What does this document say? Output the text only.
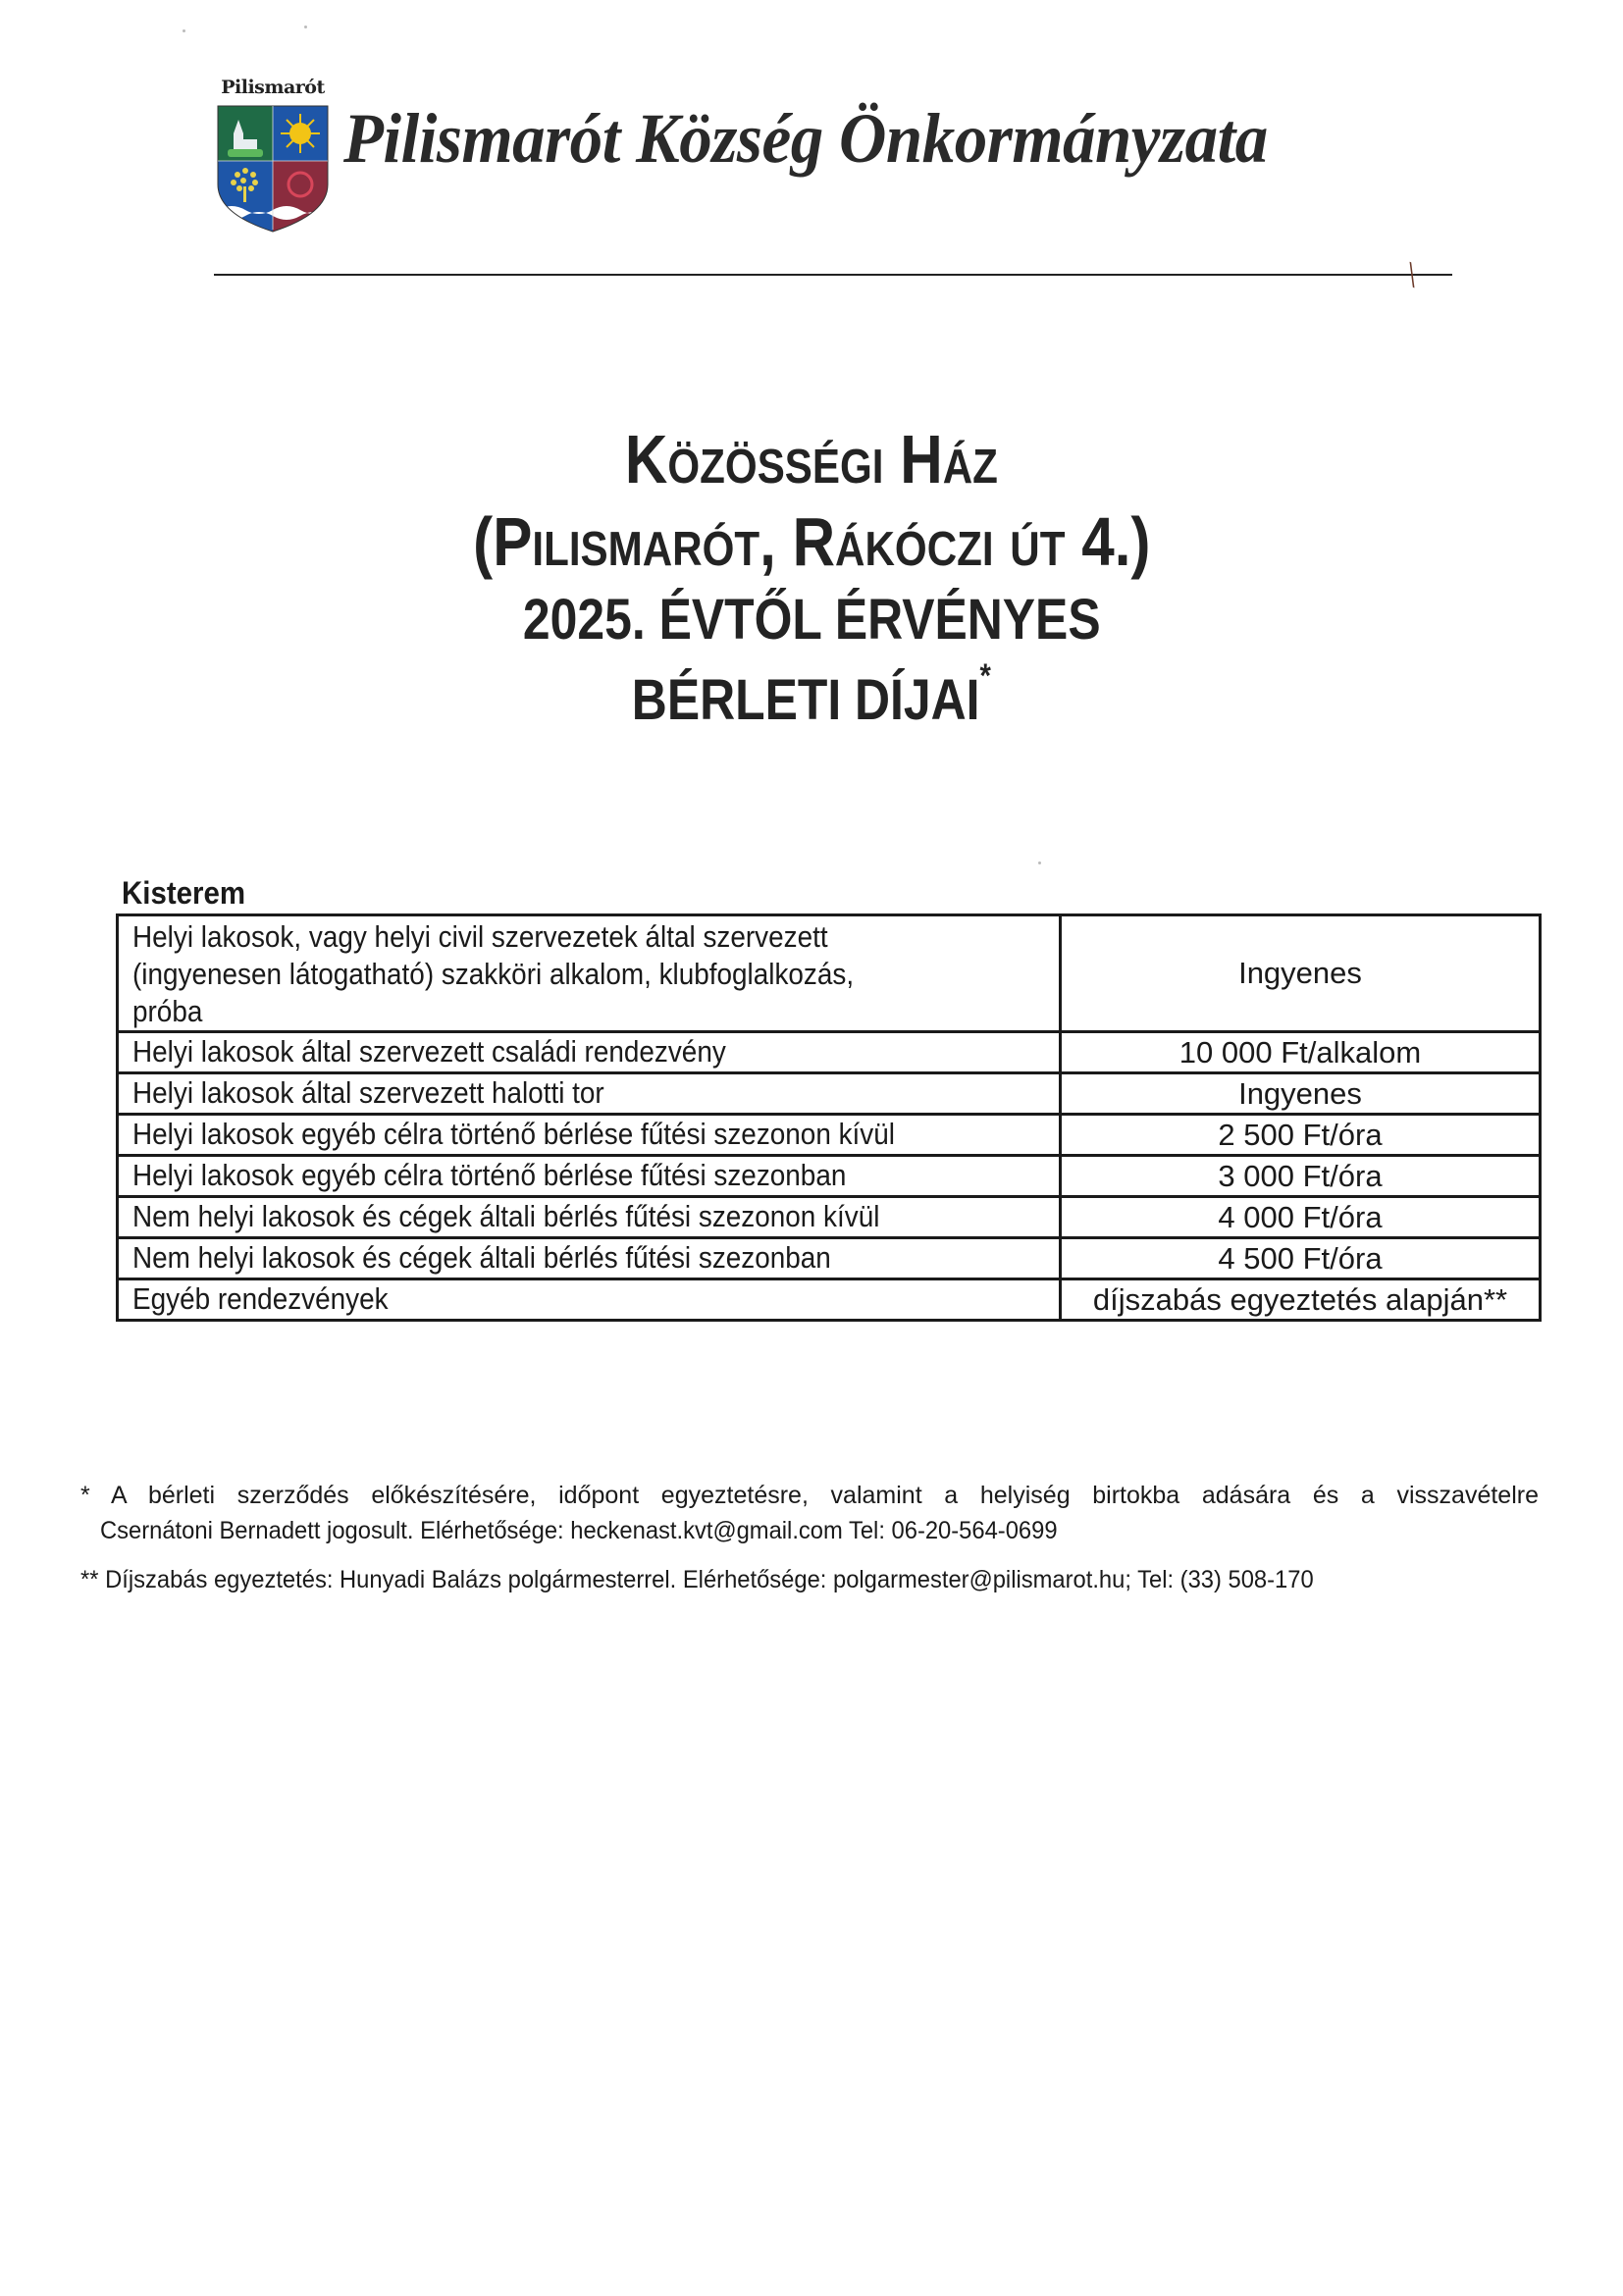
Pilismarót
Pilismarót Község Önkormányzata
╲
Közösségi Ház
(Pilismarót, Rákóczi út 4.)
2025. ÉVTŐL ÉRVÉNYES
BÉRLETI DÍJAI*
Kisterem
Helyi lakosok, vagy helyi civil szervezetek által szervezett
(ingyenesen látogatható) szakköri alkalom, klubfoglalkozás,
próba	Ingyenes
Helyi lakosok által szervezett családi rendezvény	10 000 Ft/alkalom
Helyi lakosok által szervezett halotti tor	Ingyenes
Helyi lakosok egyéb célra történő bérlése fűtési szezonon kívül	2 500 Ft/óra
Helyi lakosok egyéb célra történő bérlése fűtési szezonban	3 000 Ft/óra
Nem helyi lakosok és cégek általi bérlés fűtési szezonon kívül	4 000 Ft/óra
Nem helyi lakosok és cégek általi bérlés fűtési szezonban	4 500 Ft/óra
Egyéb rendezvények	díjszabás egyeztetés alapján**
* A bérleti szerződés előkészítésére, időpont egyeztetésre, valamint a helyiség birtokba adására és a visszavételre
Csernátoni Bernadett jogosult. Elérhetősége: heckenast.kvt@gmail.com Tel: 06-20-564-0699
** Díjszabás egyeztetés: Hunyadi Balázs polgármesterrel. Elérhetősége: polgarmester@pilismarot.hu; Tel: (33) 508-170
